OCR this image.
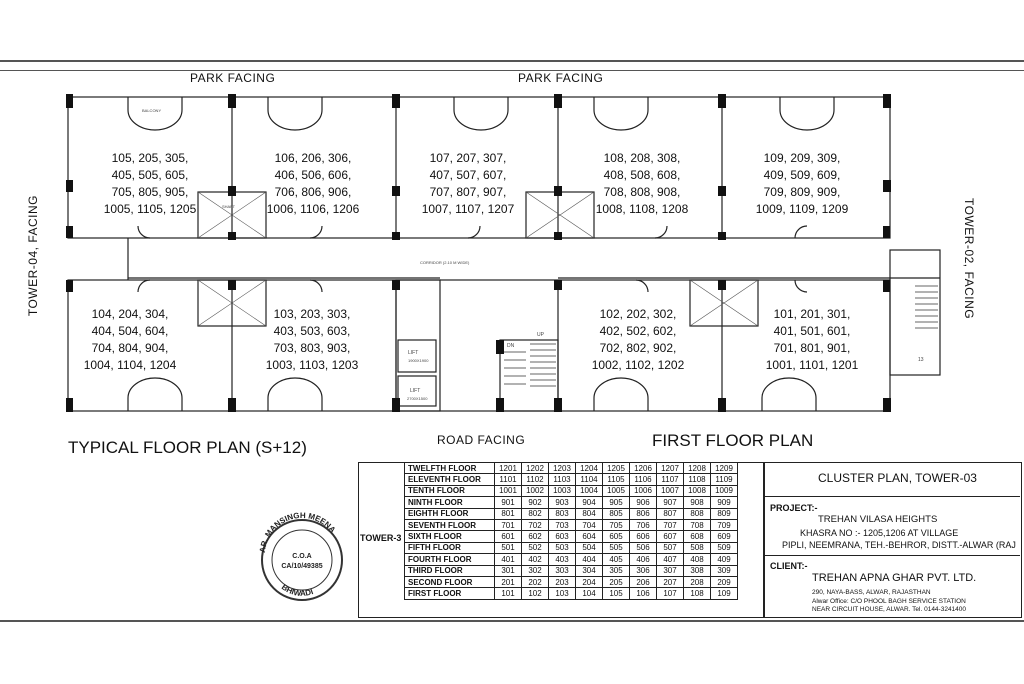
PARK FACING	PARK FACING
TOWER-04, FACING	TOWER-02, FACING
ROAD FACING
TYPICAL FLOOR PLAN (S+12)	FIRST FLOOR PLAN
BALCONY
SHAFT
CORRIDOR (2.10 M WIDE)
LIFT
1900X1900
LIFT
2700X1500
UP
DN
13
105, 205, 305,
405, 505, 605,
705, 805, 905,
1005, 1105, 1205
106, 206, 306,
406, 506, 606,
706, 806, 906,
1006, 1106, 1206
107, 207, 307,
407, 507, 607,
707, 807, 907,
1007, 1107, 1207
108, 208, 308,
408, 508, 608,
708, 808, 908,
1008, 1108, 1208
109, 209, 309,
409, 509, 609,
709, 809, 909,
1009, 1109, 1209
104, 204, 304,
404, 504, 604,
704, 804, 904,
1004, 1104, 1204
103, 203, 303,
403, 503, 603,
703, 803, 903,
1003, 1103, 1203
102, 202, 302,
402, 502, 602,
702, 802, 902,
1002, 1102, 1202
101, 201, 301,
401, 501, 601,
701, 801, 901,
1001, 1101, 1201
TOWER-3
TWELFTH FLOOR	1201	1202	1203	1204	1205	1206	1207	1208	1209
ELEVENTH FLOOR	1101	1102	1103	1104	1105	1106	1107	1108	1109
TENTH FLOOR	1001	1002	1003	1004	1005	1006	1007	1008	1009
NINTH FLOOR	901	902	903	904	905	906	907	908	909
EIGHTH FLOOR	801	802	803	804	805	806	807	808	809
SEVENTH FLOOR	701	702	703	704	705	706	707	708	709
SIXTH FLOOR	601	602	603	604	605	606	607	608	609
FIFTH FLOOR	501	502	503	504	505	506	507	508	509
FOURTH FLOOR	401	402	403	404	405	406	407	408	409
THIRD FLOOR	301	302	303	304	305	306	307	308	309
SECOND FLOOR	201	202	203	204	205	206	207	208	209
FIRST FLOOR	101	102	103	104	105	106	107	108	109
AR. MANSINGH MEENA
BHIWADI
C.O.A
CA/10/49385
CLUSTER PLAN, TOWER-03
PROJECT:-
TREHAN VILASA HEIGHTS
KHASRA NO :- 1205,1206 AT VILLAGE
PIPLI, NEEMRANA, TEH.-BEHROR, DISTT.-ALWAR (RAJ
CLIENT:-
TREHAN APNA GHAR PVT. LTD.
290, NAYA-BASS, ALWAR, RAJASTHAN
Alwar Office: C/O PHOOL BAGH SERVICE STATION
NEAR CIRCUIT HOUSE, ALWAR. Tel. 0144-3241400
